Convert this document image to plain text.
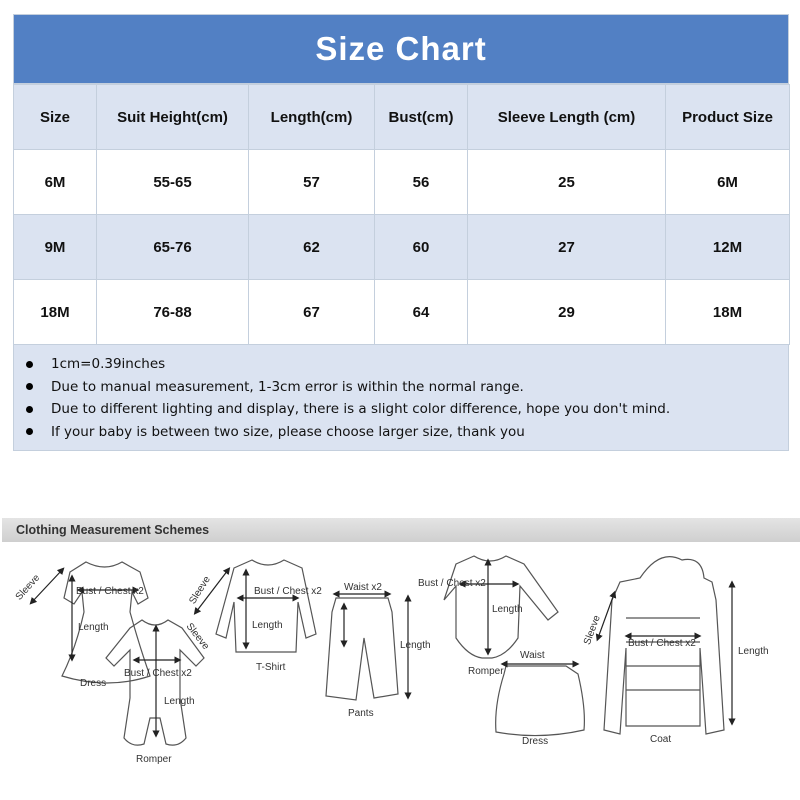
Size Chart
Size	Suit Height(cm)	Length(cm)	Bust(cm)	Sleeve Length (cm)	Product Size
6M	55-65	57	56	25	6M
9M	65-76	62	60	27	12M
18M	76-88	67	64	29	18M
1cm=0.39inches
Due to manual measurement, 1-3cm error is within the normal range.
Due to different lighting and display, there is a slight color difference, hope you don't mind.
If your baby is between two size, please choose larger size, thank you
Clothing Measurement Schemes
Sleeve	Bust / Chest x2
Length
Dress
Sleeve
Bust / Chest x2
Length
Romper
Sleeve	Bust / Chest x2
Length
T-Shirt
Waist x2
Length
Pants
Bust / Chest x2
Length
Romper
Waist
Dress
Sleeve	Bust / Chest x2
Length
Coat
